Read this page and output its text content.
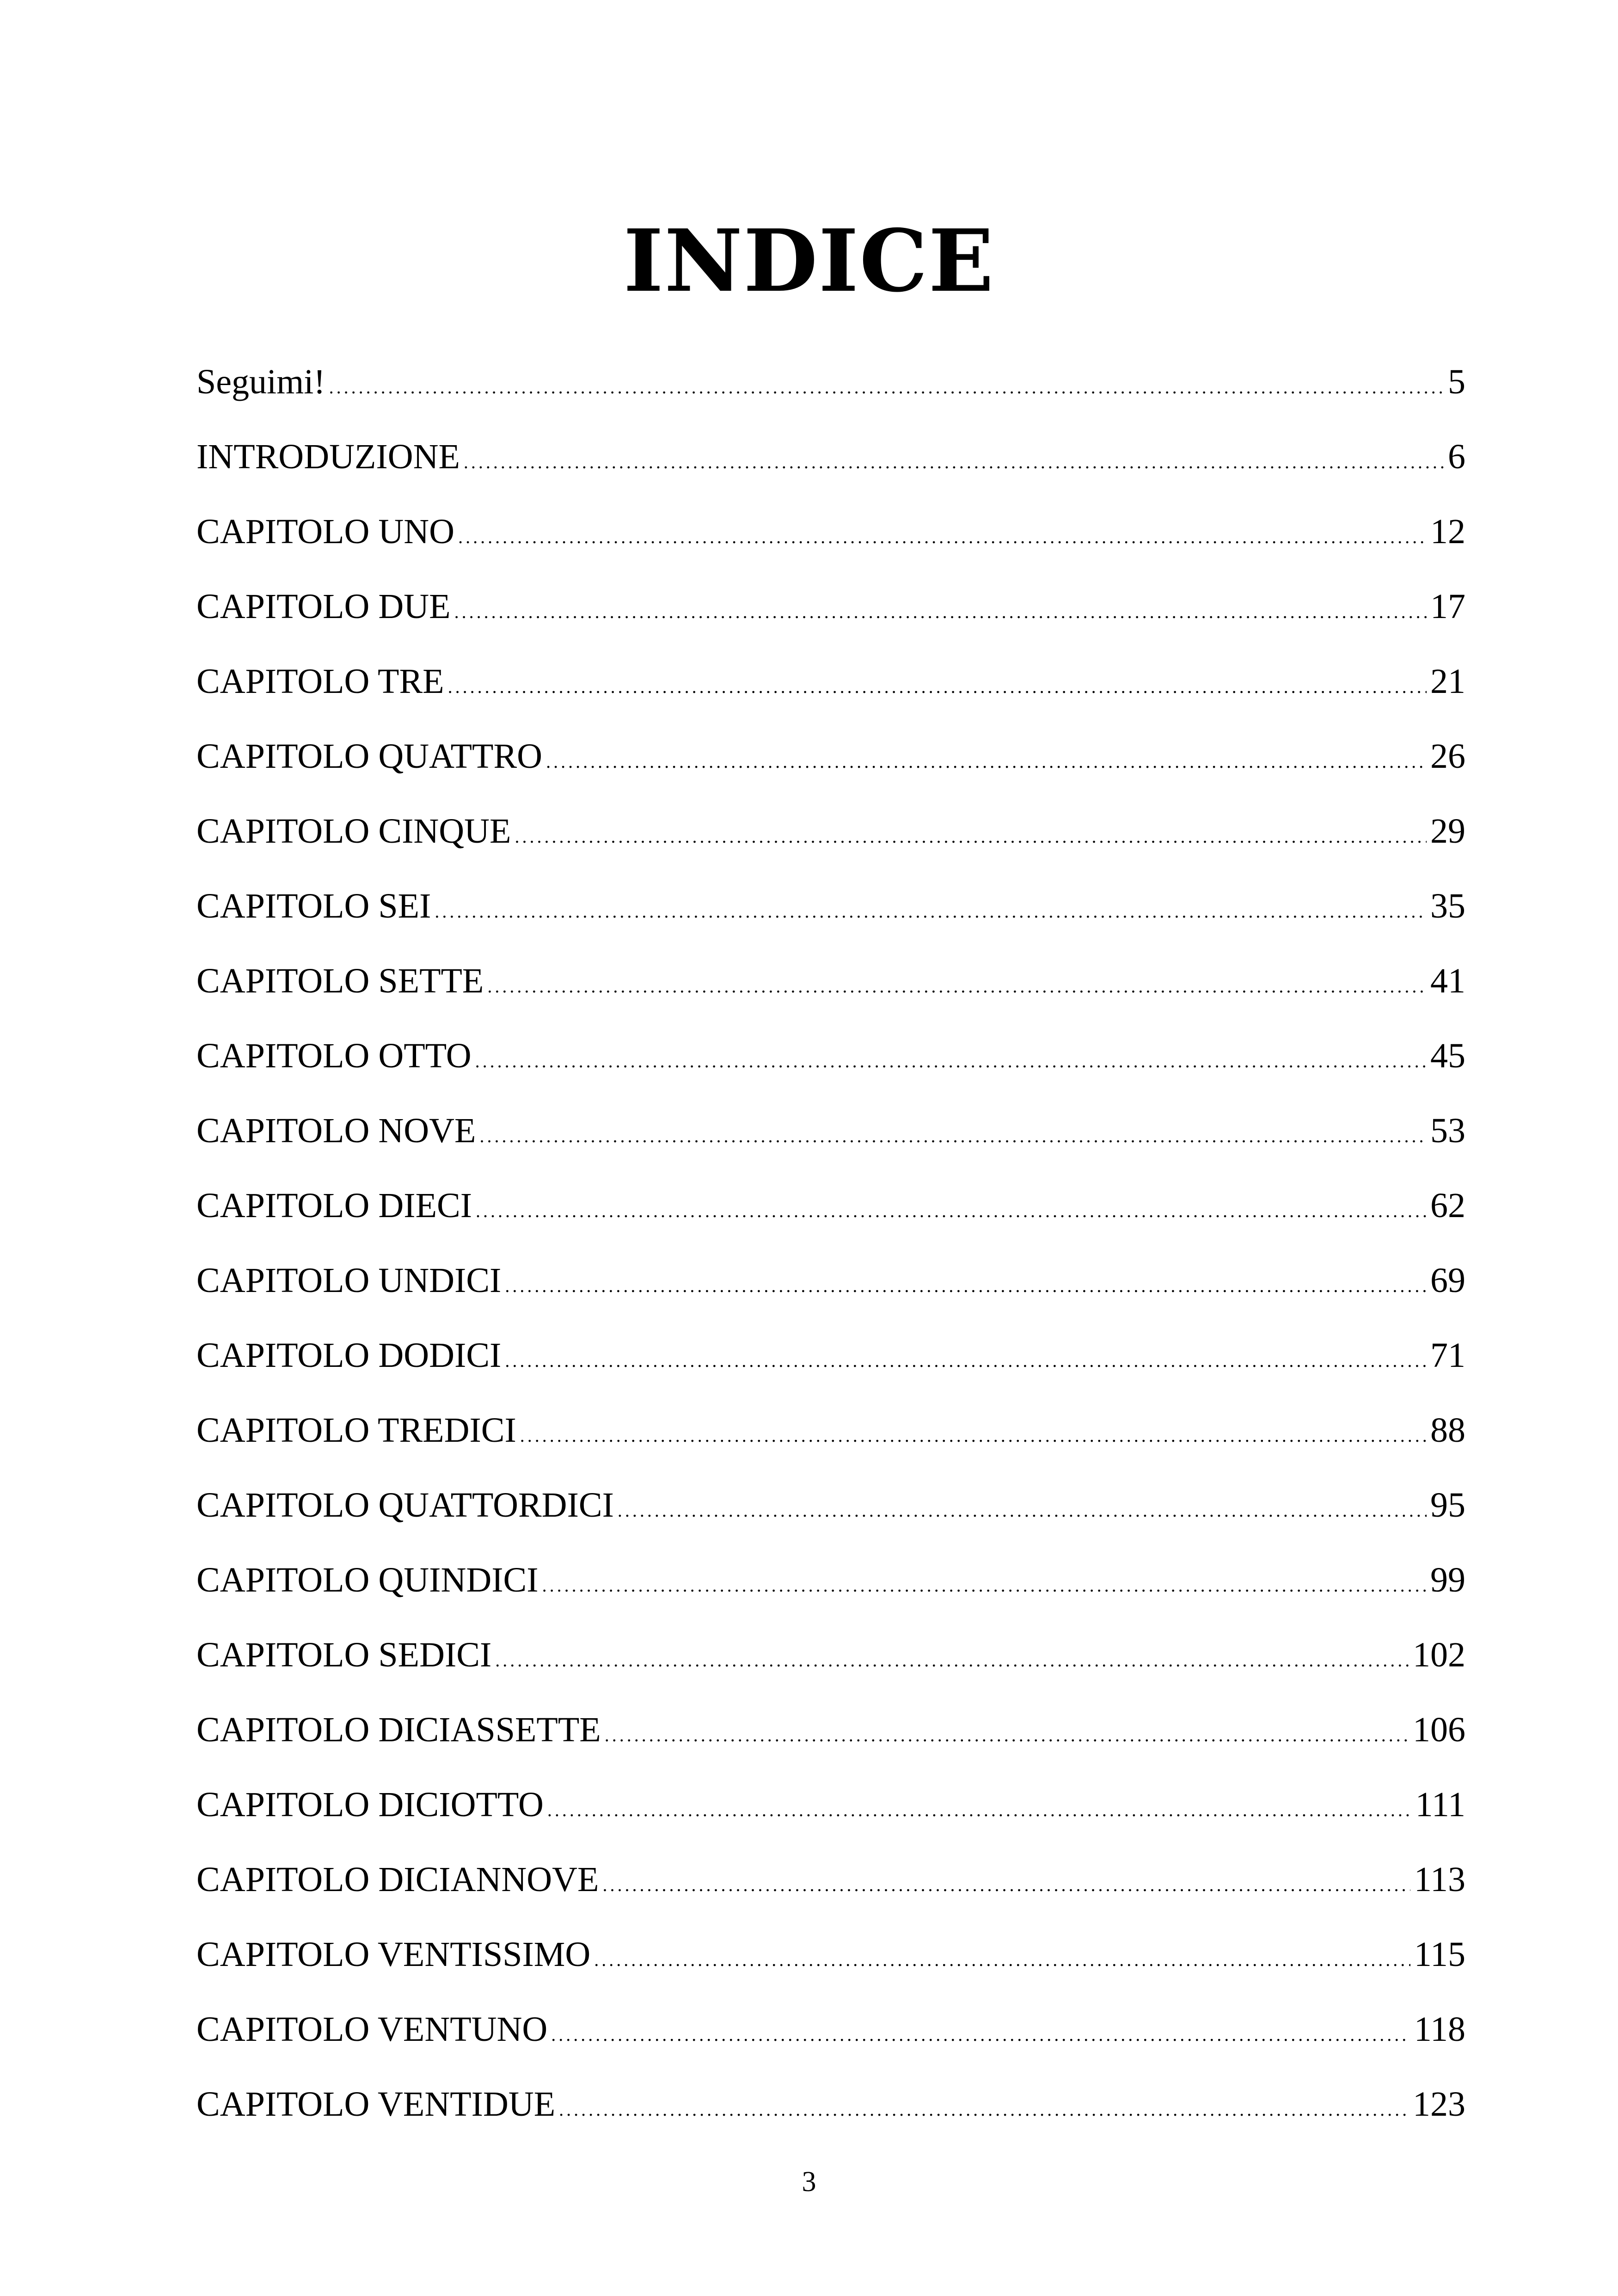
INDICE
Seguimi! .....	5
INTRODUZIONE .....	6
CAPITOLO UNO .....	12
CAPITOLO DUE .....	17
CAPITOLO TRE .....	21
CAPITOLO QUATTRO .....	26
CAPITOLO CINQUE .....	29
CAPITOLO SEI .....	35
CAPITOLO SETTE .....	41
CAPITOLO OTTO .....	45
CAPITOLO NOVE .....	53
CAPITOLO DIECI .....	62
CAPITOLO UNDICI .....	69
CAPITOLO DODICI .....	71
CAPITOLO TREDICI .....	88
CAPITOLO QUATTORDICI .....	95
CAPITOLO QUINDICI .....	99
CAPITOLO SEDICI .....	102
CAPITOLO DICIASSETTE .....	106
CAPITOLO DICIOTTO .....	111
CAPITOLO DICIANNOVE .....	113
CAPITOLO VENTISSIMO .....	115
CAPITOLO VENTUNO .....	118
CAPITOLO VENTIDUE .....	123
3
